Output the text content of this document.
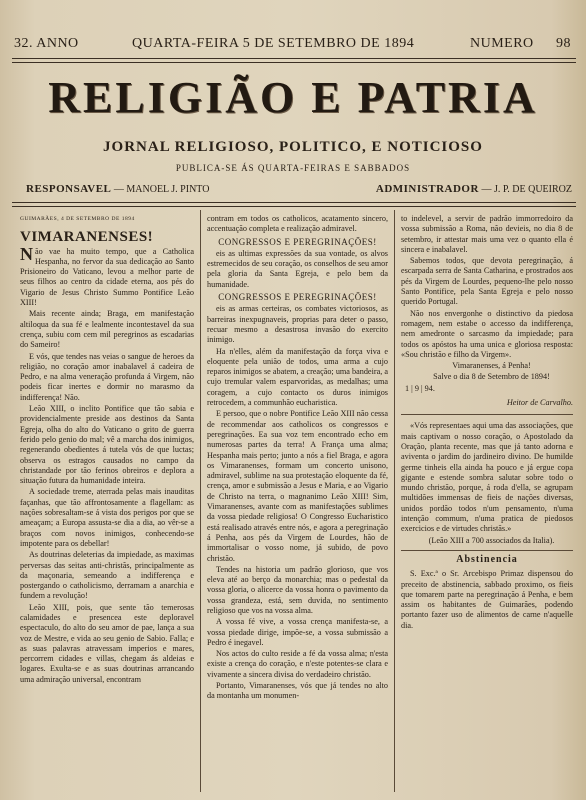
32. ANNO	QUARTA-FEIRA 5 DE SETEMBRO DE 1894	NUMERO 98
RELIGIÃO E PATRIA
JORNAL RELIGIOSO, POLITICO, E NOTICIOSO
PUBLICA-SE ÁS QUARTA-FEIRAS E SABBADOS
RESPONSAVEL — MANOEL J. PINTO	ADMINISTRADOR — J. P. DE QUEIROZ
GUIMARÃES, 4 DE SETEMBRO DE 1894
VIMARANENSES!

Não vae ha muito tempo, que a Catholica Hespanha, no fervor da sua dedicação ao Santo Prisioneiro do Vaticano, levou a melhor parte de seus filhos ao centro da cidade eterna, aos pés do Vigario de Jesus Christo Summo Pontifice Leão XIII!

Mais recente ainda; Braga, em manifestação altiloqua da sua fé e lealmente incontestavel da sua crença, subiu com cem mil peregrinos as escadarias do Sameiro!

E vós, que tendes nas veias o sangue de heroes da religião, no coração amor inabalavel á cadeira de Pedro, e na alma veneração profunda á Virgem, não podeis ficar inertes e dormir no marasmo da indifferença! Não.

Leão XIII, o inclito Pontifice que tão sabia e providencialmente preside aos destinos da Santa Egreja, olha do alto do Vaticano o grito de guerra ferido pelo genio do mal; vê a marcha dos inimigos, regenerando obedientes á tutela vós de que luctas; observa os estragos causados no campo da christandade por tão ferinos obreiros e deplora a situação futura da humanidade inteira.

A sociedade treme, aterrada pelas mais inauditas façanhas, que tão affrontosamente a flagellam: as nações sobresaltam-se á vista dos perigos por que se ameaçam; a Europa assusta-se dia a dia, ao vêr-se a braços com novos inimigos, conhecendo-se impotente para os debellar!

As doutrinas deleterias da impiedade, as maximas perversas das seitas anti-christãs, principalmente as da maçonaria, semeando a indifferença e postergando o catholicismo, derramam a anarchia e fundem a revolução!

Leão XIII, pois, que sente tão temerosas calamidades e presencea este deploravel espectaculo, do alto do seu amor de pae, lança a sua voz de Mestre, e vida ao seu genio de Sabio. Falla; e as suas palavras atravessam imperios e mares, percorrem cidades e villas, chegam ás aldeias e logares. Exulta-se e as suas doutrinas arrancando uma admiração universal, encontram

contram em todos os catholicos, acatamento sincero, accentuação completa e realização admiravel.

CONGRESSOS E PEREGRINAÇÕES!

eis as ultimas expressões da sua vontade, os alvos estremecidos de seu coração, os conselhos de seu amor pela gloria da Santa Egreja, e pelo bem da humanidade.

CONGRESSOS E PEREGRINAÇÕES!

eis as armas certeiras, os combates victoriosos, as barreiras inexpugnaveis, proprias para deter o passo, recuar mesmo a desastrosa invasão do exercito inimigo.

Ha n'elles, além da manifestação da força viva e eloquente pela união de todos, uma arma a cujo reparos inimigos se abatem, a creação; uma bandeira, a cujo tremular valem esparvoridas, as medalhas; uma coragem, a cujo contacto os duros inimigos retrocedem, a communhão eucharistica.

E persoo, que o nobre Pontifice Leão XIII não cessa de recommendar aos catholicos os congressos e peregrinações. Ea sua voz tem encontrado echo em numerosas partes da terra! A França uma alma; Hespanha mais perto; junto a nós a fiel Braga, e agora os Vimaranenses, formam um concerto unisono, admiravel, sublime na sua protestação eloquente da fé, crença, amor e submissão a Jesus e Maria, e ao Vigario de Christo na terra, o magnanimo Leão XIII! Sim, Vimaranenses, avante com as manifestações sublimes da vossa piedade religiosa! O Congresso Eucharistico está realisado através entre nós, e agora a peregrinação á Penha, aos pés da Virgem de Lourdes, hão de immortalisar o vosso nome, já subido, de povo christão.

Tendes na historia um padrão glorioso, que vos eleva até ao berço da monarchia; mas o pedestal da vossa gloria, o alicerce da vossa honra o pavimento da vossa grandeza, está, sem duvida, no sentimento religioso que vos na vossa alma.

A vossa fé vive, a vossa crença manifesta-se, a vossa piedade dirige, impõe-se, a vossa submissão a Pedro é inegavel.

Nos actos do culto reside a fé da vossa alma; n'esta existe a crença do coração, e n'este potentes-se clara e vivamente a sincera divisa do verdadeiro christão.

Portanto, Vimaranenses, vós que já tendes no alto da montanha um monumen-

to indelevel, a servir de padrão immorredoiro da vossa submissão a Roma, não devieis, no dia 8 de setembro, ir attestar mais uma vez o quanto ella é sincera e inabalavel.

Sabemos todos, que devota peregrinação, á escarpada serra de Santa Catharina, e prostrados aos pés da Virgem de Lourdes, pequeno-lhe pelo nosso Santo Pontifice, pela Santa Egreja e pelo nosso querido Portugal.

Não nos envergonhe o distinctivo da piedosa romagem, nem estabe o accesso da indifferença, nem amedronte o sarcasmo da impiedade; para todos os apóstos ha uma unica e gloriosa resposta: «Sou christão e filho da Virgem».

Vimaranenses, á Penha!

Salve o dia 8 de Setembro de 1894!

1 | 9 | 94.

Heitor de Carvalho.

«Vós representaes aqui uma das associações, que mais captivam o nosso coração, o Apostolado da Oração, planta recente, mas que já tanto adorna e aviventa o jardim do jardineiro divino. De humilde germe tinheis ella ainda ha pouco e já ergue copa gigante e estende sombra salutar sobre todo o mundo christão, porque, á roda d'ella, se agrupam multidões immensas de fieis de nações diversas, unidos pordão todos n'um pensamento, n'uma intenção commum, n'uma pratica de piedosos exercicios e de virtudes christãs.»

(Leão XIII a 700 associados da Italia).

Abstinencia

S. Exc.ª o Sr. Arcebispo Primaz dispensou do preceito de abstinencia, sabbado proximo, os fieis que tomarem parte na peregrinação á Penha, e bem assim os habitantes de Guimarães, podendo portanto fazer uso de alimentos de carne n'aquelle dia.
